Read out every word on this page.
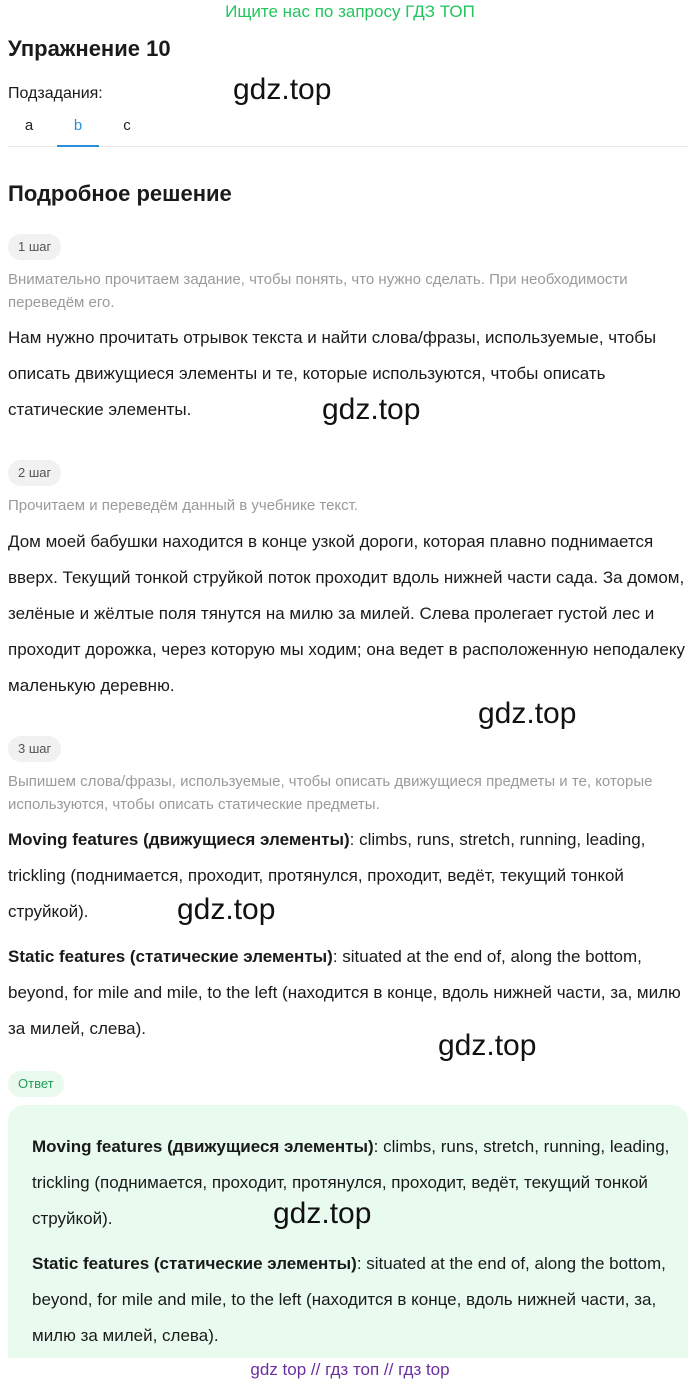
Ищите нас по запросу ГДЗ ТОП
Упражнение 10
Подзадания:
a	b	c
Подробное решение
1 шаг
Внимательно прочитаем задание, чтобы понять, что нужно сделать. При необходимости переведём его.
Нам нужно прочитать отрывок текста и найти слова/фразы, используемые, чтобы описать движущиеся элементы и те, которые используются, чтобы описать статические элементы.
2 шаг
Прочитаем и переведём данный в учебнике текст.
Дом моей бабушки находится в конце узкой дороги, которая плавно поднимается вверх. Текущий тонкой струйкой поток проходит вдоль нижней части сада. За домом, зелёные и жёлтые поля тянутся на милю за милей. Слева пролегает густой лес и проходит дорожка, через которую мы ходим; она ведет в расположенную неподалеку маленькую деревню.
3 шаг
Выпишем слова/фразы, используемые, чтобы описать движущиеся предметы и те, которые используются, чтобы описать статические предметы.
Moving features (движущиеся элементы): climbs, runs, stretch, running, leading, trickling (поднимается, проходит, протянулся, проходит, ведёт, текущий тонкой струйкой).
Static features (статические элементы): situated at the end of, along the bottom, beyond, for mile and mile, to the left (находится в конце, вдоль нижней части, за, милю за милей, слева).
Ответ
Moving features (движущиеся элементы): climbs, runs, stretch, running, leading, trickling (поднимается, проходит, протянулся, проходит, ведёт, текущий тонкой струйкой).
Static features (статические элементы): situated at the end of, along the bottom, beyond, for mile and mile, to the left (находится в конце, вдоль нижней части, за, милю за милей, слева).
gdz.top
gdz.top
gdz.top
gdz.top
gdz.top
gdz.top
gdz top // гдз топ // гдз top
